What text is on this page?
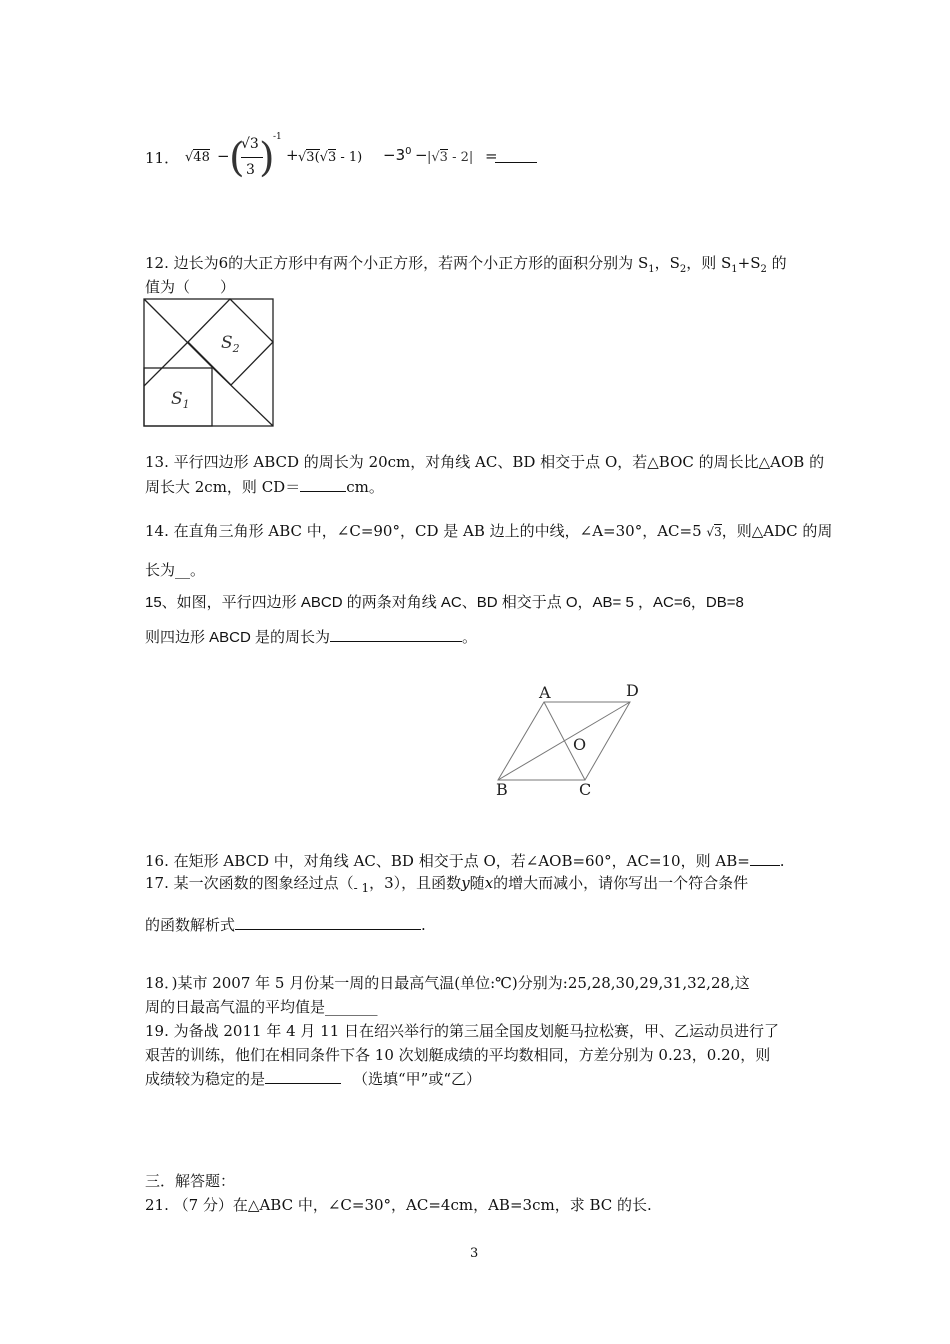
11． √48 − (
√3
3 )
-1
+ $√3(√3 - 1) -3^0 - |√3 - 2|$ =
12. 边长为6的大正方形中有两个小正方形，若两个小正方形的面积分别为 $S_1$，$S_2$，则 $S_1+S_2$ 的
值为（　　）
$S_1$
$S_2$
13. 平行四边形 ABCD 的周长为 20cm，对角线 AC、BD 相交于点 O，若△BOC 的周长比△AOB 的
周长大 2cm，则 CD＝	cm。
14. 在直角三角形 ABC 中，∠C=90°，CD 是 AB 边上的中线，∠A=30°，AC=5 √3，则△ADC 的周
长为__。
15、如图，平行四边形 ABCD 的两条对角线 AC、BD 相交于点 O，AB= 5 ，AC=6，DB=8
则四边形 ABCD 是的周长为	。
A	D
O
B	C
16. 在矩形 ABCD 中，对角线 AC、BD 相交于点 O，若∠AOB=60°，AC=10，则 AB= .
17. 某一次函数的图象经过点（$_{- 1}$，3），且函数y随x的增大而减小，请你写出一个符合条件
的函数解析式	.
18．)某市 2007 年 5 月份某一周的日最高气温(单位:℃)分别为:25,28,30,29,31,32,28,这
周的日最高气温的平均值是_______
19. 为备战 2011 年 4 月 11 日在绍兴举行的第三届全国皮划艇马拉松赛，甲、乙运动员进行了
艰苦的训练，他们在相同条件下各 10 次划艇成绩的平均数相同，方差分别为 0.23，0.20，则
成绩较为稳定的是	（选填“甲”或“乙）
三．解答题：
21. （7 分）在△ABC 中，∠C=30°，AC=4cm，AB=3cm，求 BC 的长.
3
